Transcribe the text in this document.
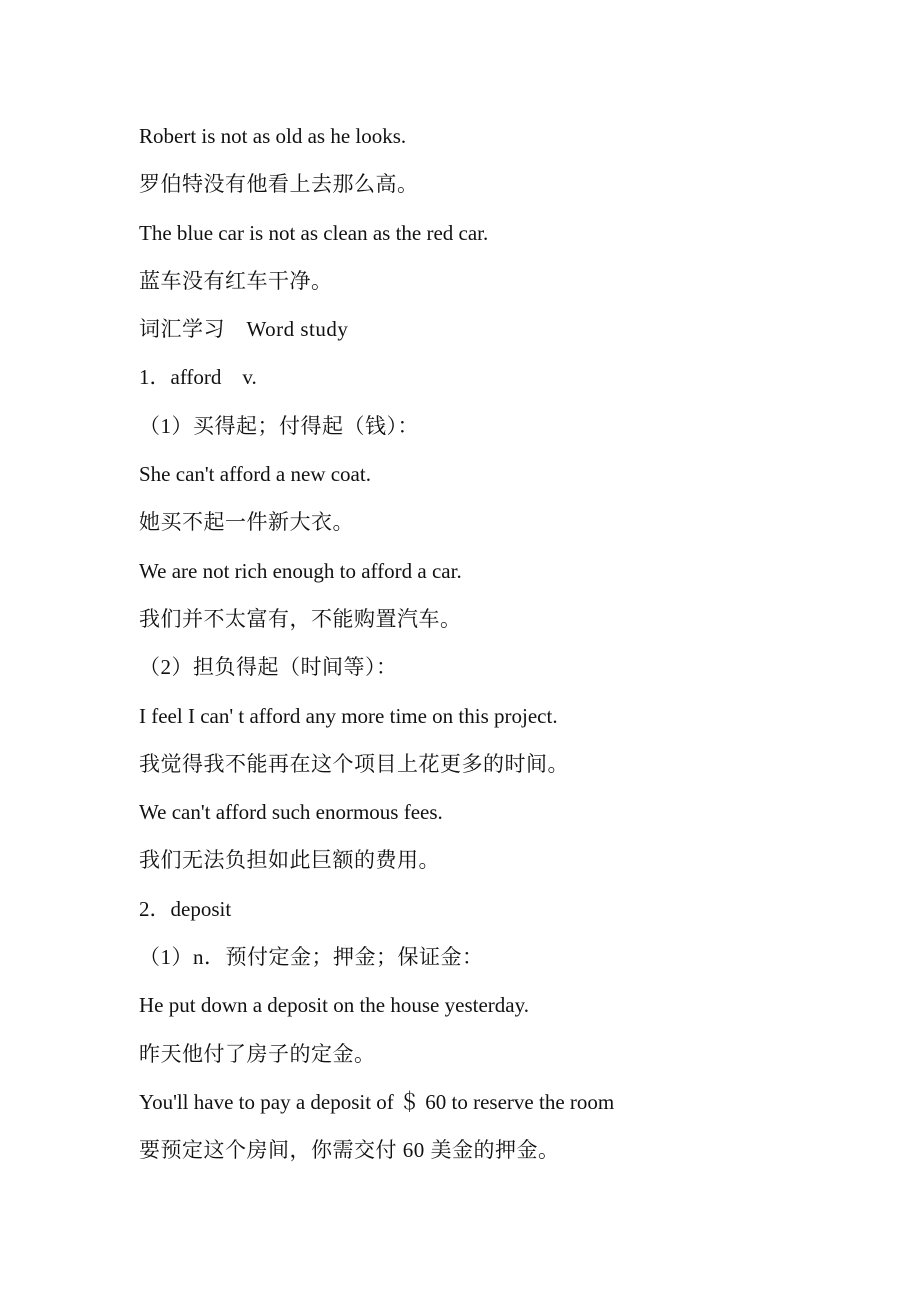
Robert is not as old as he looks.
罗伯特没有他看上去那么高。
The blue car is not as clean as the red car.
蓝车没有红车干净。
词汇学习　Word study
1．afford　v.
（1）买得起；付得起（钱）：
She can't afford a new coat.
她买不起一件新大衣。
We are not rich enough to afford a car.
我们并不太富有，不能购置汽车。
（2）担负得起（时间等）：
I feel I can' t afford any more time on this project.
我觉得我不能再在这个项目上花更多的时间。
We can't afford such enormous fees.
我们无法负担如此巨额的费用。
2．deposit
（1）n．预付定金；押金；保证金：
He put down a deposit on the house yesterday.
昨天他付了房子的定金。
You'll have to pay a deposit of ＄ 60 to reserve the room
要预定这个房间，你需交付 60 美金的押金。
